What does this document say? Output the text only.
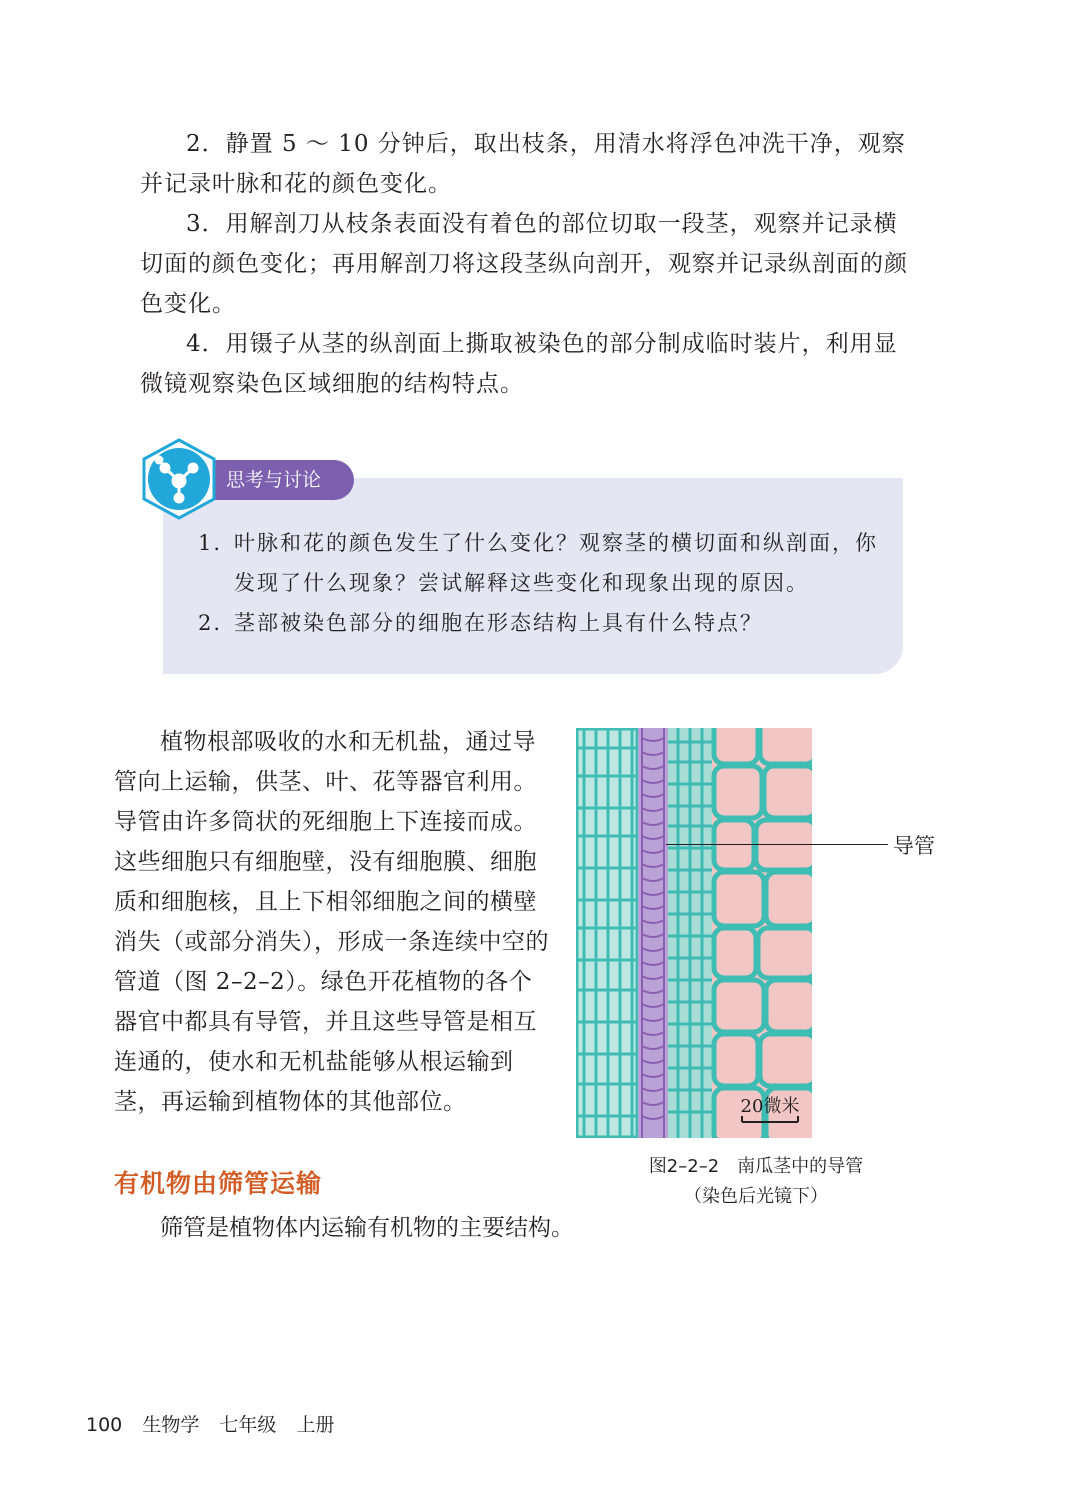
2．静置 5 ～ 10 分钟后，取出枝条，用清水将浮色冲洗干净，观察并记录叶脉和花的颜色变化。

3．用解剖刀从枝条表面没有着色的部位切取一段茎，观察并记录横切面的颜色变化；再用解剖刀将这段茎纵向剖开，观察并记录纵剖面的颜色变化。

4．用镊子从茎的纵剖面上撕取被染色的部分制成临时装片，利用显微镜观察染色区域细胞的结构特点。

思考与讨论
1. 叶脉和花的颜色发生了什么变化？观察茎的横切面和纵剖面，你发现了什么现象？尝试解释这些变化和现象出现的原因。
2. 茎部被染色部分的细胞在形态结构上具有什么特点？

植物根部吸收的水和无机盐，通过导管向上运输，供茎、叶、花等器官利用。导管由许多筒状的死细胞上下连接而成。这些细胞只有细胞壁，没有细胞膜、细胞质和细胞核，且上下相邻细胞之间的横壁消失（或部分消失），形成一条连续中空的管道（图 2–2–2）。绿色开花植物的各个器官中都具有导管，并且这些导管是相互连通的，使水和无机盐能够从根运输到茎，再运输到植物体的其他部位。	20微米
导管
图2–2–2　南瓜茎中的导管
（染色后光镜下）
有机物由筛管运输

筛管是植物体内运输有机物的主要结构。

100 生物学 七年级 上册
